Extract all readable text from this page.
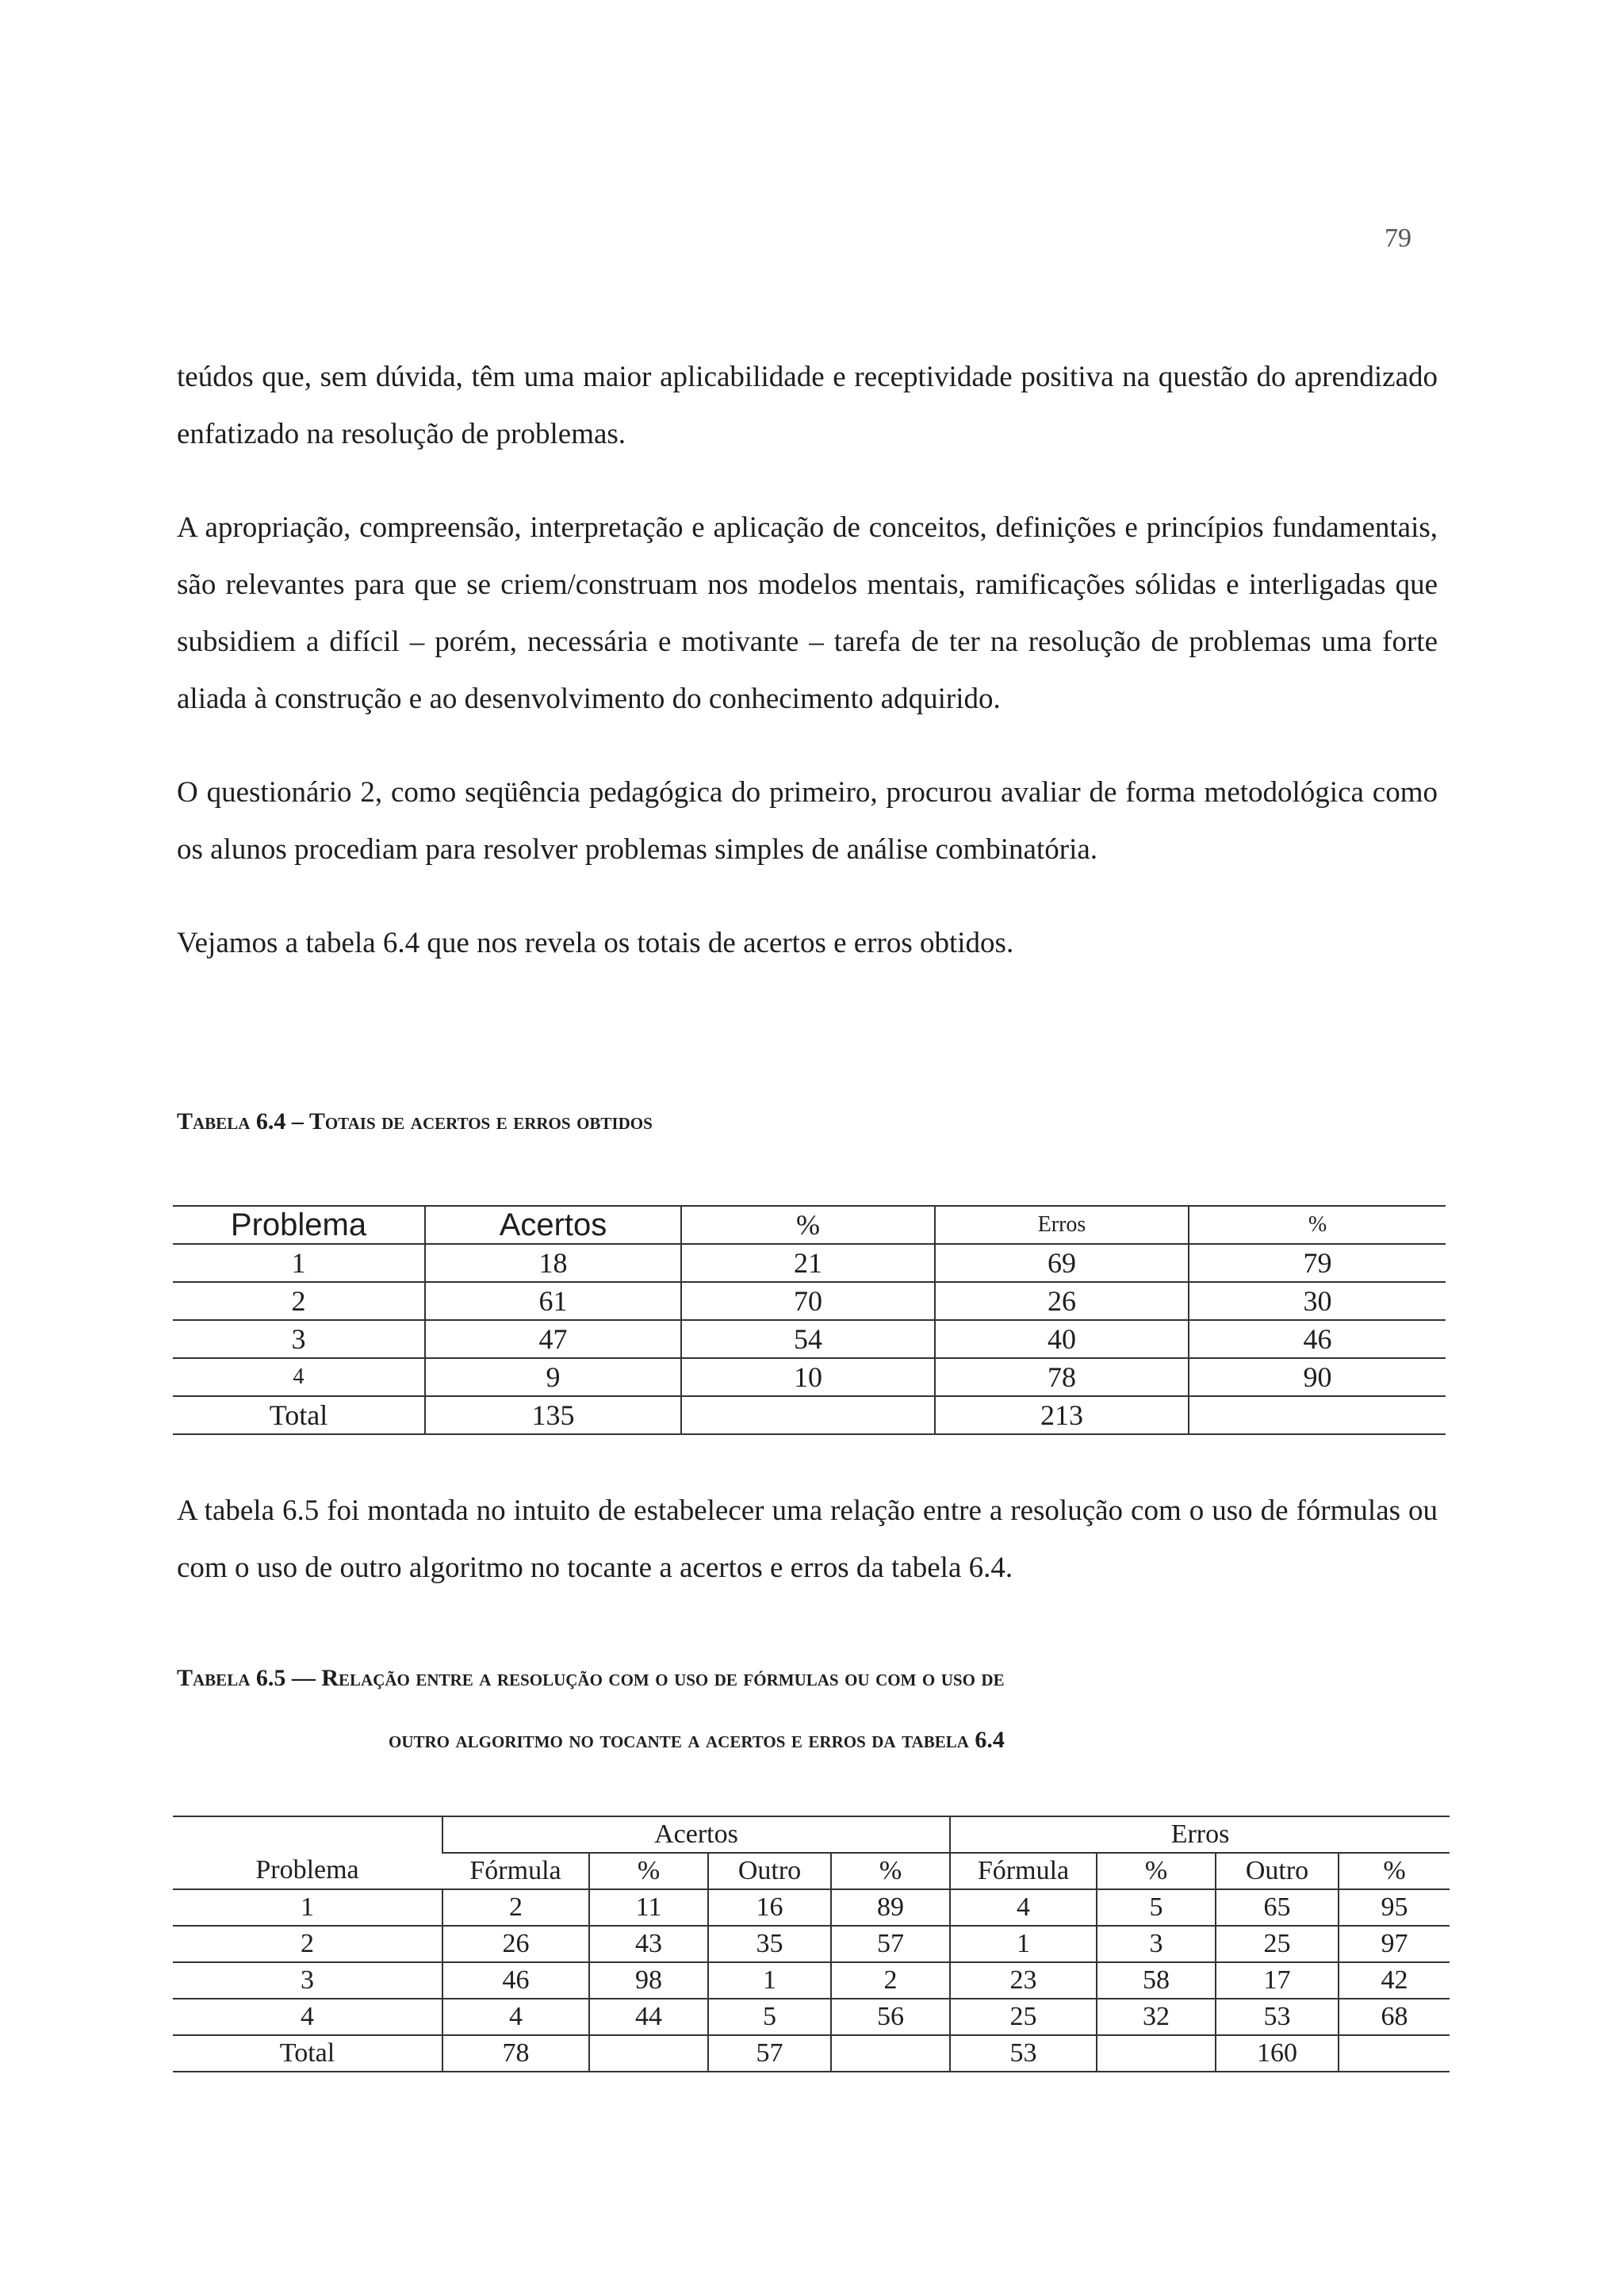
79

teúdos que, sem dúvida, têm uma maior aplicabilidade e receptividade positiva na questão do aprendizado enfatizado na resolução de problemas.

A apropriação, compreensão, interpretação e aplicação de conceitos, definições e princípios fundamentais, são relevantes para que se criem/construam nos modelos mentais, ramificações sólidas e interligadas que subsidiem a difícil – porém, necessária e motivante – tarefa de ter na resolução de problemas uma forte aliada à construção e ao desenvolvimento do conhecimento adquirido.

O questionário 2, como seqüência pedagógica do primeiro, procurou avaliar de forma metodológica como os alunos procediam para resolver problemas simples de análise combinatória.

Vejamos a tabela 6.4 que nos revela os totais de acertos e erros obtidos.

Tabela 6.4 – Totais de acertos e erros obtidos
Problema	Acertos	%	Erros	%
1	18	21	69	79
2	61	70	26	30
3	47	54	40	46
4	9	10	78	90
Total	135		213	

A tabela 6.5 foi montada no intuito de estabelecer uma relação entre a resolução com o uso de fórmulas ou com o uso de outro algoritmo no tocante a acertos e erros da tabela 6.4.

Tabela 6.5 — Relação entre a resolução com o uso de fórmulas ou com o uso de
outro algoritmo no tocante a acertos e erros da tabela 6.4
Problema	Acertos				Erros			
	Fórmula	%	Outro	%	Fórmula	%	Outro	%
1	2	11	16	89	4	5	65	95
2	26	43	35	57	1	3	25	97
3	46	98	1	2	23	58	17	42
4	4	44	5	56	25	32	53	68
Total	78		57		53		160	
